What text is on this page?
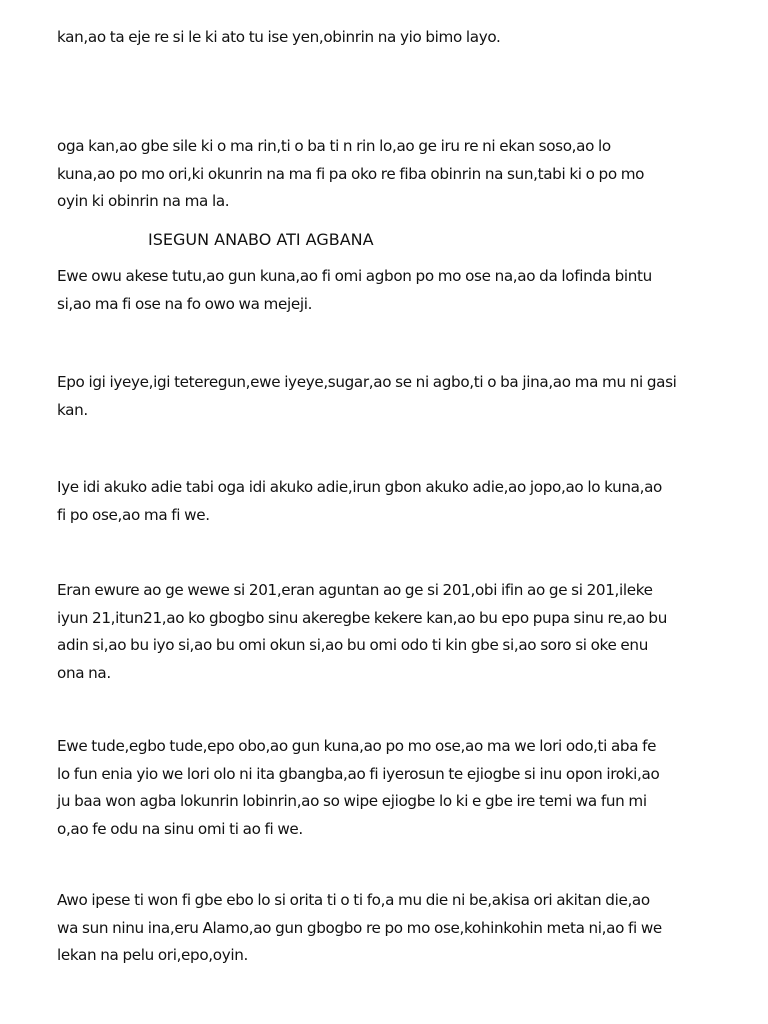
kan,ao ta eje re si le ki ato tu ise yen,obinrin na yio bimo layo.

oga kan,ao gbe sile ki o ma rin,ti o ba ti n rin lo,ao ge iru re ni ekan soso,ao lo
kuna,ao po mo ori,ki okunrin na ma fi pa oko re fiba obinrin na sun,tabi ki o po mo
oyin ki obinrin na ma la.

ISEGUN ANABO ATI AGBANA

Ewe owu akese tutu,ao gun kuna,ao fi omi agbon po mo ose na,ao da lofinda bintu
si,ao ma fi ose na fo owo wa mejeji.

Epo igi iyeye,igi teteregun,ewe iyeye,sugar,ao se ni agbo,ti o ba jina,ao ma mu ni gasi
kan.

Iye idi akuko adie tabi oga idi akuko adie,irun gbon akuko adie,ao jopo,ao lo kuna,ao
fi po ose,ao ma fi we.

Eran ewure ao ge wewe si 201,eran aguntan ao ge si 201,obi ifin ao ge si 201,ileke
iyun 21,itun21,ao ko gbogbo sinu akeregbe kekere kan,ao bu epo pupa sinu re,ao bu
adin si,ao bu iyo si,ao bu omi okun si,ao bu omi odo ti kin gbe si,ao soro si oke enu
ona na.

Ewe tude,egbo tude,epo obo,ao gun kuna,ao po mo ose,ao ma we lori odo,ti aba fe
lo fun enia yio we lori olo ni ita gbangba,ao fi iyerosun te ejiogbe si inu opon iroki,ao
ju baa won agba lokunrin lobinrin,ao so wipe ejiogbe lo ki e gbe ire temi wa fun mi
o,ao fe odu na sinu omi ti ao fi we.

Awo ipese ti won fi gbe ebo lo si orita ti o ti fo,a mu die ni be,akisa ori akitan die,ao
wa sun ninu ina,eru Alamo,ao gun gbogbo re po mo ose,kohinkohin meta ni,ao fi we
lekan na pelu ori,epo,oyin.
